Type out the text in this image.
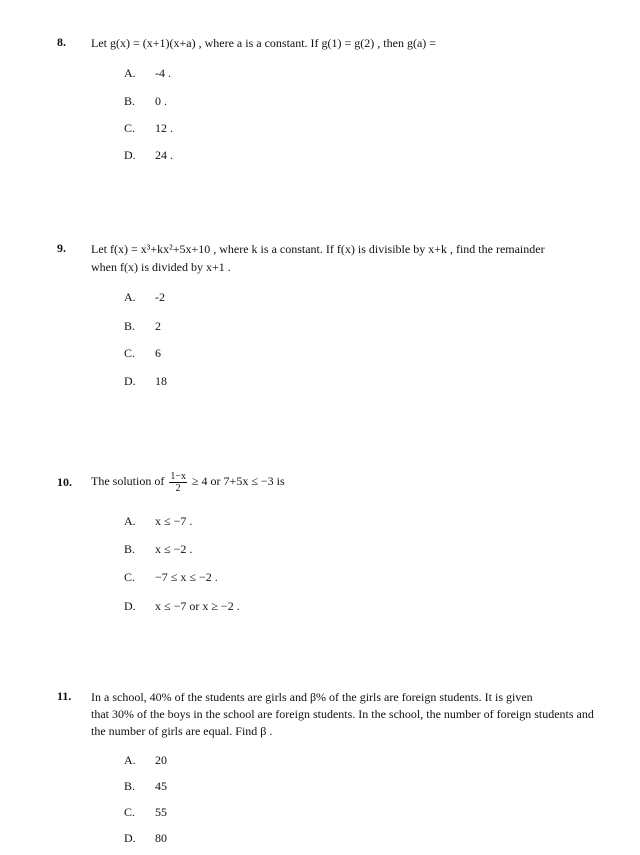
8. Let g(x) = (x+1)(x+a) , where a is a constant. If g(1) = g(2) , then g(a) =
A.	-4 .
B.	0 .
C.	12 .
D.	24 .
9. Let f(x) = x³+kx²+5x+10 , where k is a constant. If f(x) is divisible by x+k , find the remainder
when f(x) is divided by x+1 .
A.	-2
B.	2
C.	6
D.	18
10. The solution of $\frac{1-x}{2} \ge 4$ or 7+5x ≤ −3 is
A.	x ≤ −7 .
B.	x ≤ −2 .
C.	−7 ≤ x ≤ −2 .
D.	x ≤ −7 or x ≥ −2 .
11. In a school, 40% of the students are girls and β% of the girls are foreign students. It is given
that 30% of the boys in the school are foreign students. In the school, the number of foreign students and
the number of girls are equal. Find β .
A.	20
B.	45
C.	55
D.	80
